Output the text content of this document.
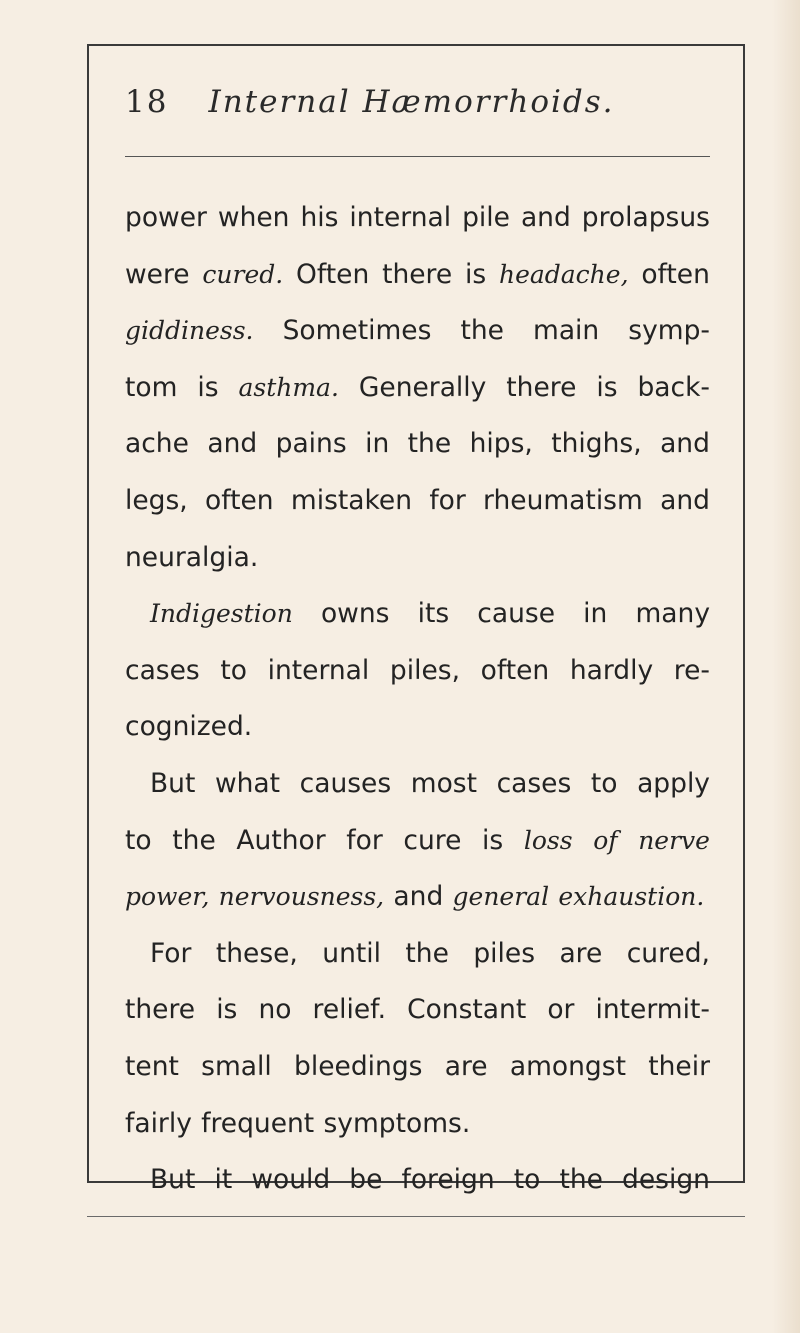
18 Internal Hæmorrhoids.
power when his internal pile and prolapsus
were cured. Often there is headache, often
giddiness. Sometimes the main symp-
tom is asthma. Generally there is back-
ache and pains in the hips, thighs, and
legs, often mistaken for rheumatism and
neuralgia.
Indigestion owns its cause in many
cases to internal piles, often hardly re-
cognized.
But what causes most cases to apply
to the Author for cure is loss of nerve
power, nervousness, and general exhaustion.
For these, until the piles are cured,
there is no relief. Constant or intermit-
tent small bleedings are amongst their
fairly frequent symptoms.
But it would be foreign to the design
